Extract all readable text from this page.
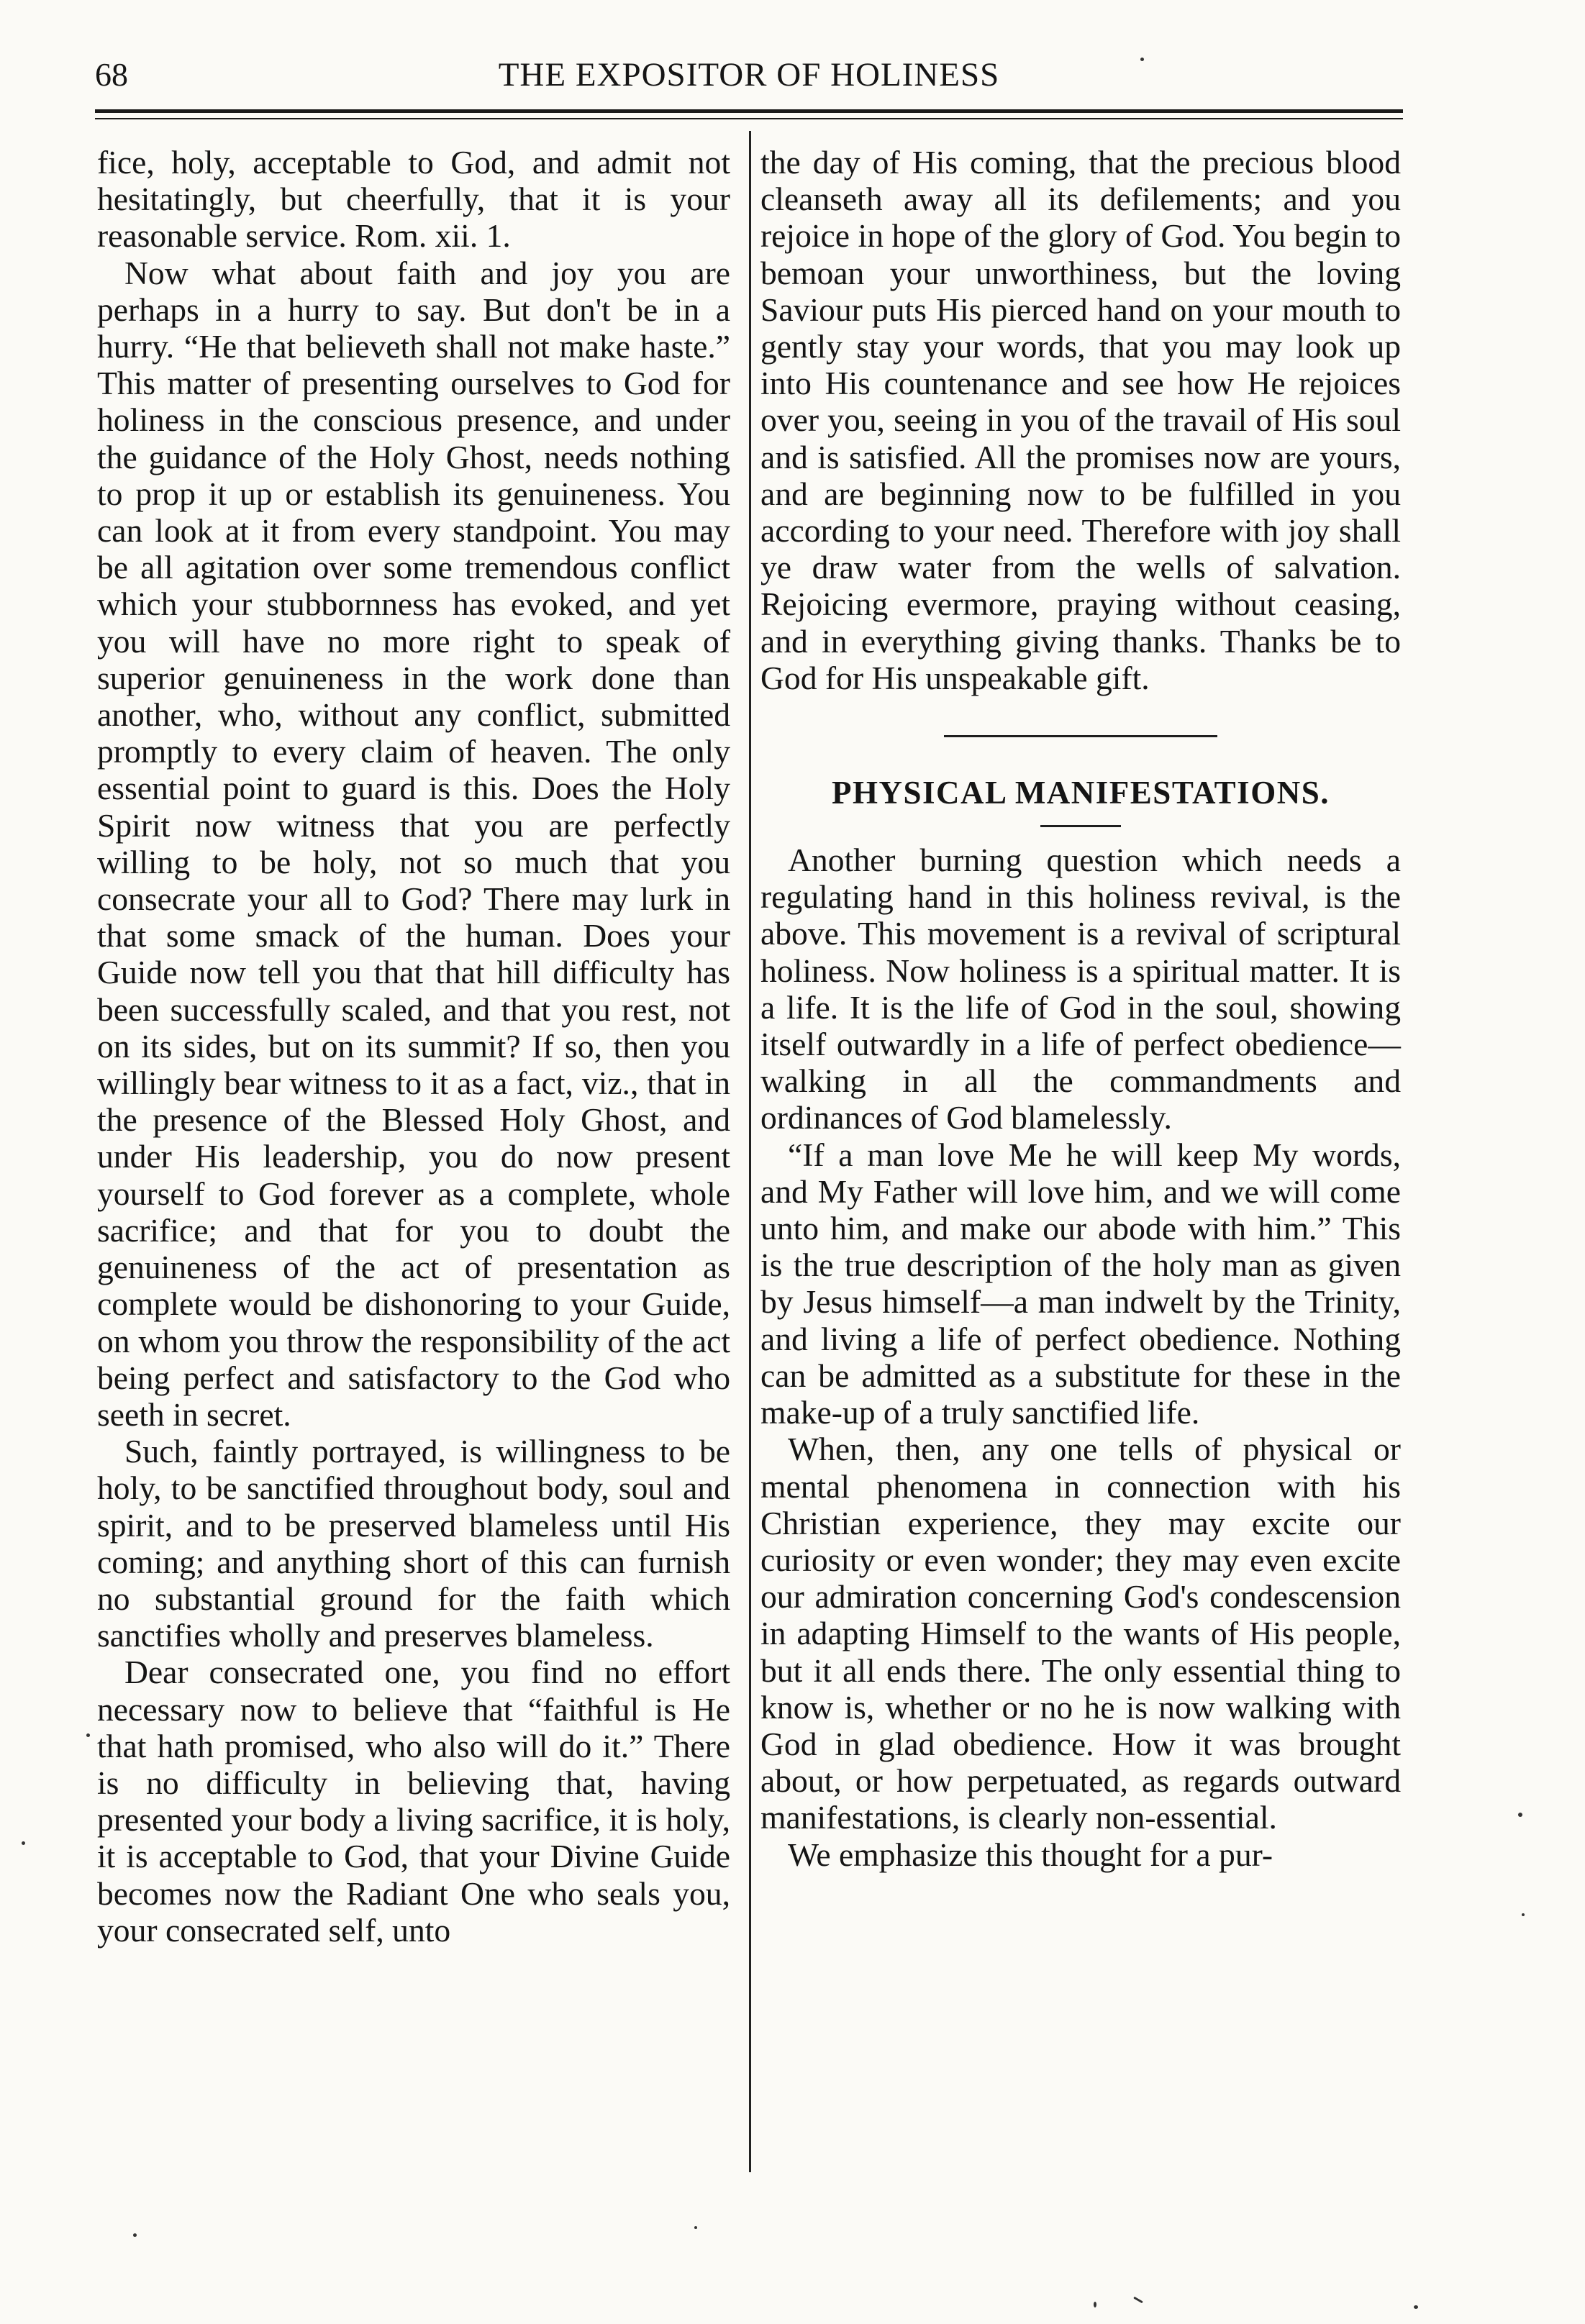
68	THE EXPOSITOR OF HOLINESS

fice, holy, acceptable to God, and admit not hesitatingly, but cheerfully, that it is your reasonable service. Rom. xii. 1.

Now what about faith and joy you are perhaps in a hurry to say. But don't be in a hurry. “He that believeth shall not make haste.” This matter of presenting ourselves to God for holiness in the conscious presence, and under the guidance of the Holy Ghost, needs nothing to prop it up or establish its genuineness. You can look at it from every standpoint. You may be all agitation over some tremendous conflict which your stubbornness has evoked, and yet you will have no more right to speak of superior genuineness in the work done than another, who, without any conflict, submitted promptly to every claim of heaven. The only essential point to guard is this. Does the Holy Spirit now witness that you are perfectly willing to be holy, not so much that you consecrate your all to God? There may lurk in that some smack of the human. Does your Guide now tell you that that hill difficulty has been successfully scaled, and that you rest, not on its sides, but on its summit? If so, then you willingly bear witness to it as a fact, viz., that in the presence of the Blessed Holy Ghost, and under His leadership, you do now present yourself to God forever as a complete, whole sacrifice; and that for you to doubt the genuineness of the act of presentation as complete would be dishonoring to your Guide, on whom you throw the responsibility of the act being perfect and satisfactory to the God who seeth in secret.

Such, faintly portrayed, is willingness to be holy, to be sanctified throughout body, soul and spirit, and to be preserved blameless until His coming; and anything short of this can furnish no substantial ground for the faith which sanctifies wholly and preserves blameless.

Dear consecrated one, you find no effort necessary now to believe that “faithful is He that hath promised, who also will do it.” There is no difficulty in believing that, having presented your body a living sacrifice, it is holy, it is acceptable to God, that your Divine Guide becomes now the Radiant One who seals you, your consecrated self, unto

the day of His coming, that the precious blood cleanseth away all its defilements; and you rejoice in hope of the glory of God. You begin to bemoan your unworthiness, but the loving Saviour puts His pierced hand on your mouth to gently stay your words, that you may look up into His countenance and see how He rejoices over you, seeing in you of the travail of His soul and is satisfied. All the promises now are yours, and are beginning now to be fulfilled in you according to your need. Therefore with joy shall ye draw water from the wells of salvation. Rejoicing evermore, praying without ceasing, and in everything giving thanks. Thanks be to God for His unspeakable gift.

PHYSICAL MANIFESTATIONS.

Another burning question which needs a regulating hand in this holiness revival, is the above. This movement is a revival of scriptural holiness. Now holiness is a spiritual matter. It is a life. It is the life of God in the soul, showing itself outwardly in a life of perfect obedience—walking in all the commandments and ordinances of God blamelessly.

“If a man love Me he will keep My words, and My Father will love him, and we will come unto him, and make our abode with him.” This is the true description of the holy man as given by Jesus himself—a man indwelt by the Trinity, and living a life of perfect obedience. Nothing can be admitted as a substitute for these in the make-up of a truly sanctified life.

When, then, any one tells of physical or mental phenomena in connection with his Christian experience, they may excite our curiosity or even wonder; they may even excite our admiration concerning God's condescension in adapting Himself to the wants of His people, but it all ends there. The only essential thing to know is, whether or no he is now walking with God in glad obedience. How it was brought about, or how perpetuated, as regards outward manifestations, is clearly non-essential.

We emphasize this thought for a pur-
